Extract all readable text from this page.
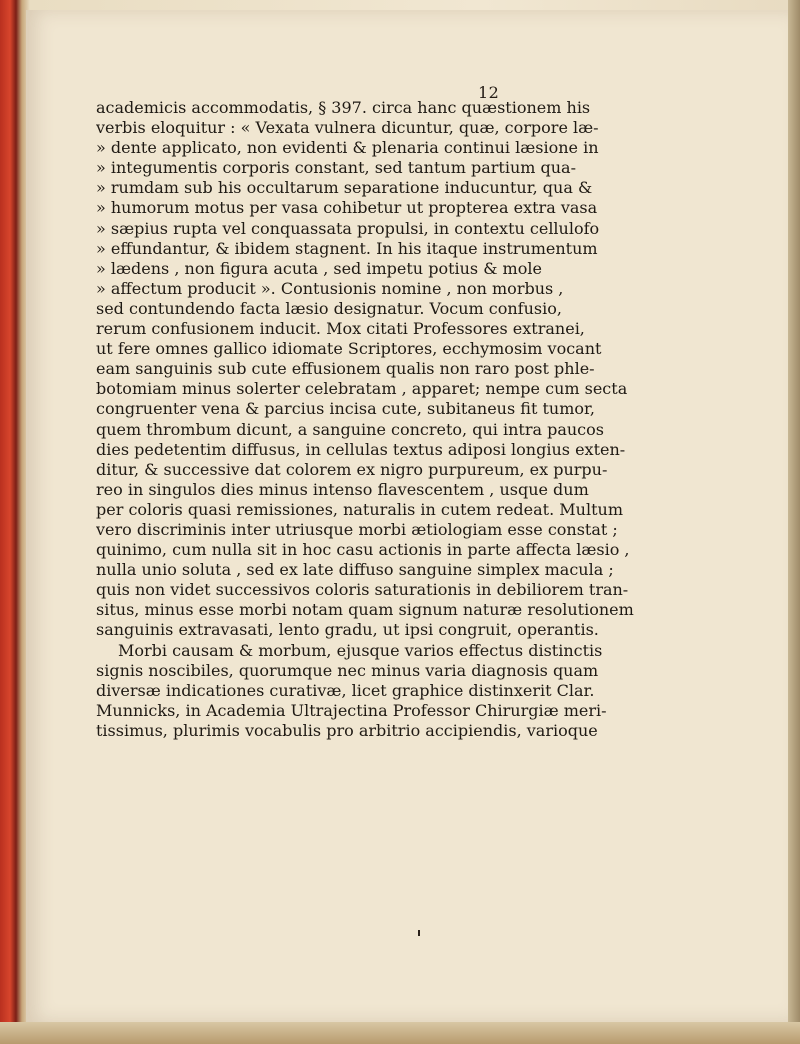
12
academicis accommodatis, § 397. circa hanc quæstionem his
verbis eloquitur : « Vexata vulnera dicuntur, quæ, corpore læ-
» dente applicato, non evidenti & plenaria continui læsione in
» integumentis corporis constant, sed tantum partium qua-
» rumdam sub his occultarum separatione inducuntur, qua &
» humorum motus per vasa cohibetur ut propterea extra vasa
» sæpius rupta vel conquassata propulsi, in contextu cellulofo
» effundantur, & ibidem stagnent. In his itaque instrumentum
» lædens , non figura acuta , sed impetu potius & mole
» affectum producit ». Contusionis nomine , non morbus ,
sed contundendo facta læsio designatur. Vocum confusio,
rerum confusionem inducit. Mox citati Professores extranei,
ut fere omnes gallico idiomate Scriptores, ecchymosim vocant
eam sanguinis sub cute effusionem qualis non raro post phle-
botomiam minus solerter celebratam , apparet; nempe cum secta
congruenter vena & parcius incisa cute, subitaneus fit tumor,
quem thrombum dicunt, a sanguine concreto, qui intra paucos
dies pedetentim diffusus, in cellulas textus adiposi longius exten-
ditur, & successive dat colorem ex nigro purpureum, ex purpu-
reo in singulos dies minus intenso flavescentem , usque dum
per coloris quasi remissiones, naturalis in cutem redeat. Multum
vero discriminis inter utriusque morbi ætiologiam esse constat ;
quinimo, cum nulla sit in hoc casu actionis in parte affecta læsio ,
nulla unio soluta , sed ex late diffuso sanguine simplex macula ;
quis non videt successivos coloris saturationis in debiliorem tran-
situs, minus esse morbi notam quam signum naturæ resolutionem
sanguinis extravasati, lento gradu, ut ipsi congruit, operantis.
Morbi causam & morbum, ejusque varios effectus distinctis
signis noscibiles, quorumque nec minus varia diagnosis quam
diversæ indicationes curativæ, licet graphice distinxerit Clar.
Munnicks, in Academia Ultrajectina Professor Chirurgiæ meri-
tissimus, plurimis vocabulis pro arbitrio accipiendis, varioque
